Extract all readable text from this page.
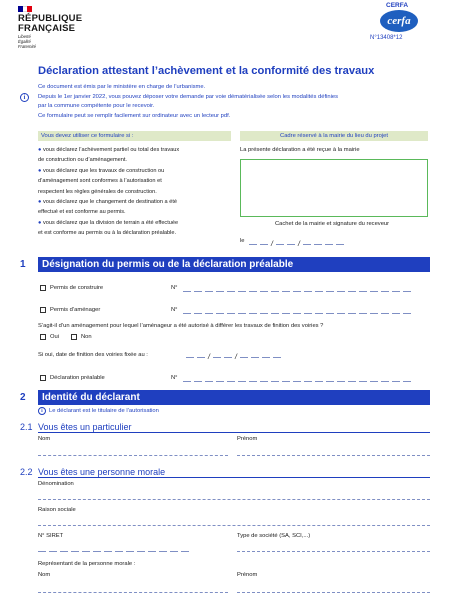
RÉPUBLIQUE
FRANÇAISE
Liberté
Égalité
Fraternité
CERFA
cerfa
N°13408*12
Déclaration attestant l’achèvement et la conformité des travaux
Ce document est émis par le ministère en charge de l’urbanisme.
i	Depuis le 1er janvier 2022, vous pouvez déposer votre demande par voie dématérialisée selon les modalités définies
par la commune compétente pour le recevoir.
Ce formulaire peut se remplir facilement sur ordinateur avec un lecteur pdf.
Vous devez utiliser ce formulaire si :	Cadre réservé à la mairie du lieu du projet
● vous déclarez l’achèvement partiel ou total des travaux
de construction ou d’aménagement.
● vous déclarez que les travaux de construction ou
d’aménagement sont conformes à l’autorisation et
respectent les règles générales de construction.
● vous déclarez que le changement de destination a été
effectué et est conforme au permis.
● vous déclarez que la division de terrain a été effectuée
et est conforme au permis ou à la déclaration préalable.
La présente déclaration a été reçue à la mairie
Cachet de la mairie et signature du receveur
le	/	/
1	Désignation du permis ou de la déclaration préalable
Permis de construire	N°
Permis d’aménager	N°
S’agit-il d’un aménagement pour lequel l’aménageur a été autorisé à différer les travaux de finition des voiries ?
Oui	Non
Si oui, date de finition des voiries fixée au :	/	/
Déclaration préalable	N°
2	Identité du déclarant
i	Le déclarant est le titulaire de l’autorisation
2.1 Vous êtes un particulier
Nom	Prénom
2.2 Vous êtes une personne morale
Dénomination
Raison sociale
N° SIRET	Type de société (SA, SCI,...)
Représentant de la personne morale :
Nom	Prénom
